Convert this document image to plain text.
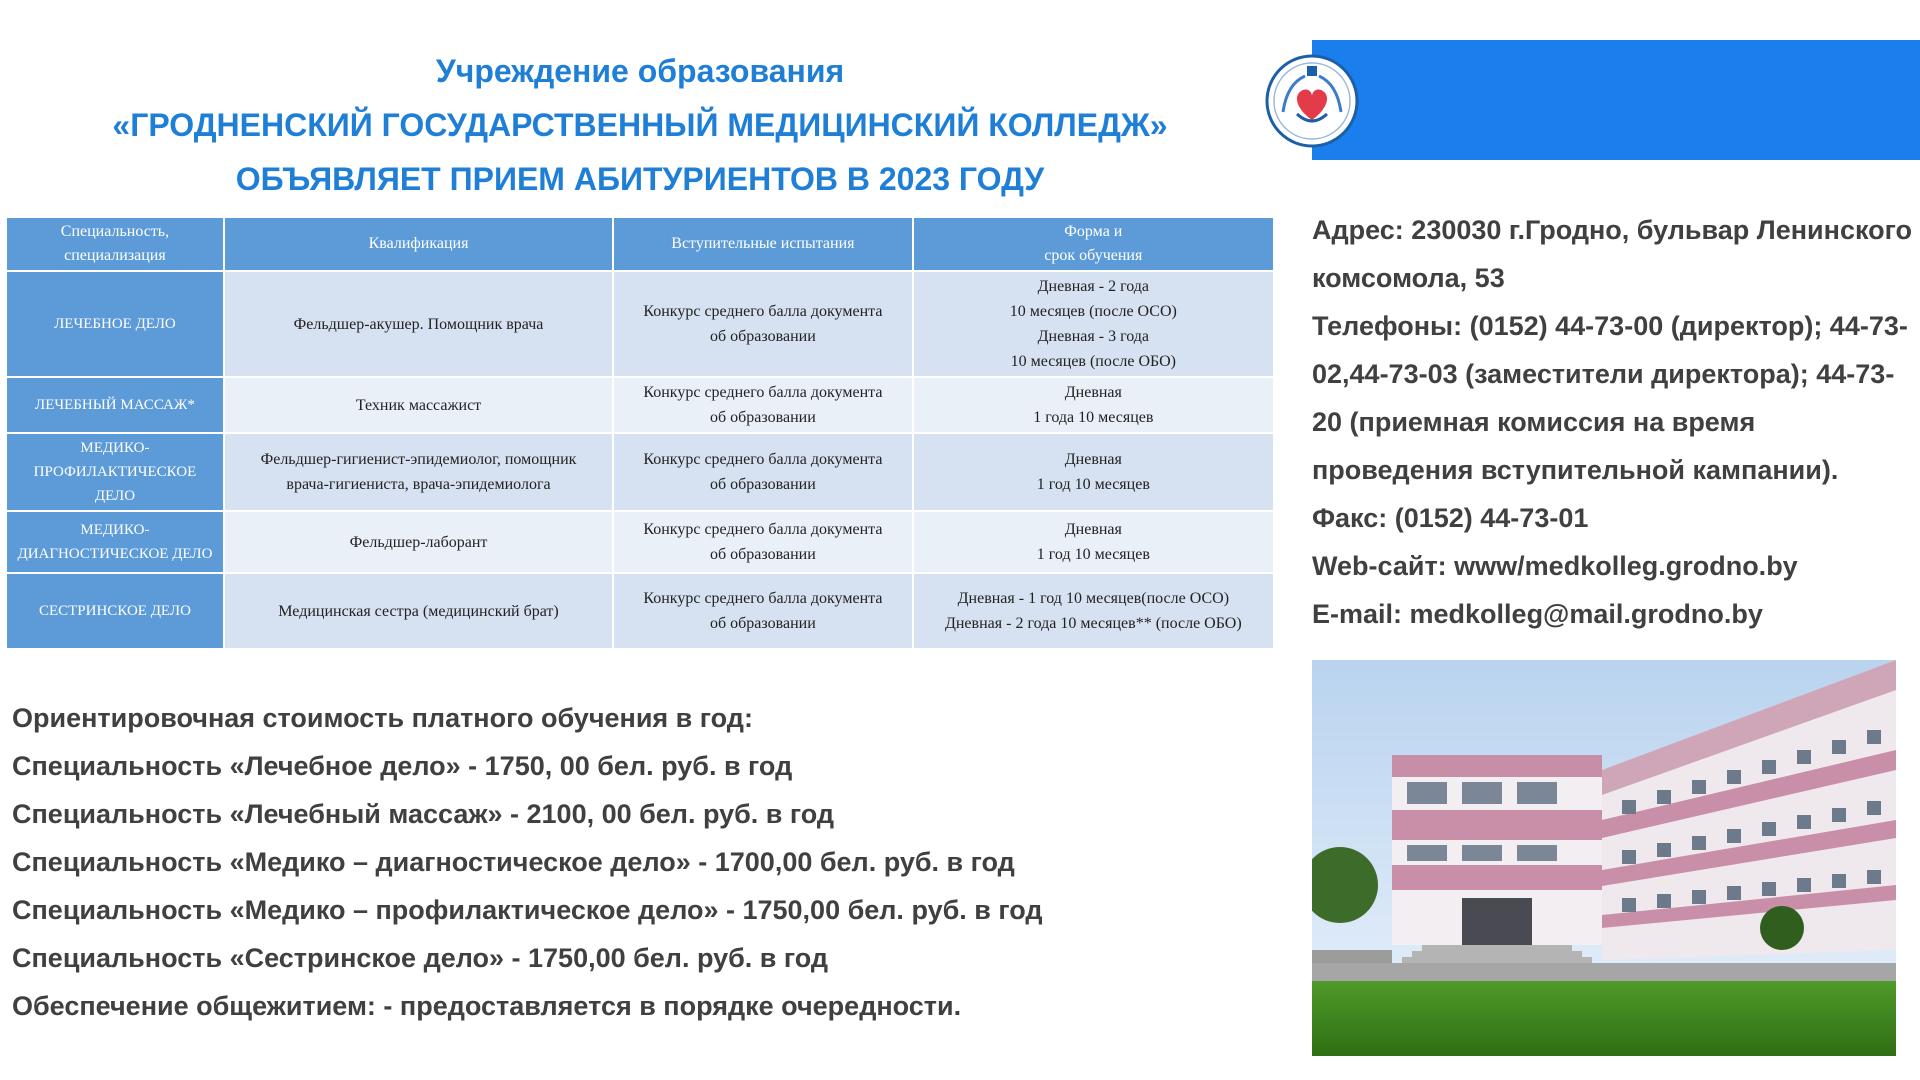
Учреждение образования
«ГРОДНЕНСКИЙ ГОСУДАРСТВЕННЫЙ МЕДИЦИНСКИЙ КОЛЛЕДЖ»
ОБЪЯВЛЯЕТ ПРИЕМ АБИТУРИЕНТОВ В 2023 ГОДУ
Специальность,
специализация	Квалификация	Вступительные испытания	Форма и
срок обучения

ЛЕЧЕБНОЕ ДЕЛО	Фельдшер-акушер. Помощник врача	Конкурс среднего балла документа
об образовании	Дневная - 2 года
10 месяцев (после ОСО)
Дневная - 3 года
10 месяцев (после ОБО)

ЛЕЧЕБНЫЙ МАССАЖ*	Техник массажист	Конкурс среднего балла документа
об образовании	Дневная
1 года 10 месяцев

МЕДИКО-
ПРОФИЛАКТИЧЕСКОЕ
ДЕЛО	Фельдшер-гигиенист-эпидемиолог, помощник
врача-гигиениста, врача-эпидемиолога	Конкурс среднего балла документа
об образовании	Дневная
1 год 10 месяцев

МЕДИКО-
ДИАГНОСТИЧЕСКОЕ ДЕЛО	Фельдшер-лаборант	Конкурс среднего балла документа
об образовании	Дневная
1 год 10 месяцев

СЕСТРИНСКОЕ ДЕЛО	Медицинская сестра (медицинский брат)	Конкурс среднего балла документа
об образовании	Дневная - 1 год 10 месяцев(после ОСО)
Дневная - 2 года 10 месяцев** (после ОБО)
Адрес: 230030 г.Гродно, бульвар Ленинского комсомола, 53
Телефоны: (0152) 44-73-00 (директор); 44-73-02,44-73-03 (заместители директора); 44-73-20 (приемная комиссия на время проведения вступительной кампании).
Факс: (0152) 44-73-01
Web-сайт: www/medkolleg.grodno.by
E-mail: medkolleg@mail.grodno.by
Ориентировочная стоимость платного обучения в год:
Специальность «Лечебное дело» - 1750, 00 бел. руб. в год
Специальность «Лечебный массаж» - 2100, 00 бел. руб. в год
Специальность «Медико – диагностическое дело» - 1700,00 бел. руб. в год
Специальность «Медико – профилактическое дело» - 1750,00 бел. руб. в год
Специальность «Сестринское дело» - 1750,00 бел. руб. в год
Обеспечение общежитием: - предоставляется в порядке очередности.
